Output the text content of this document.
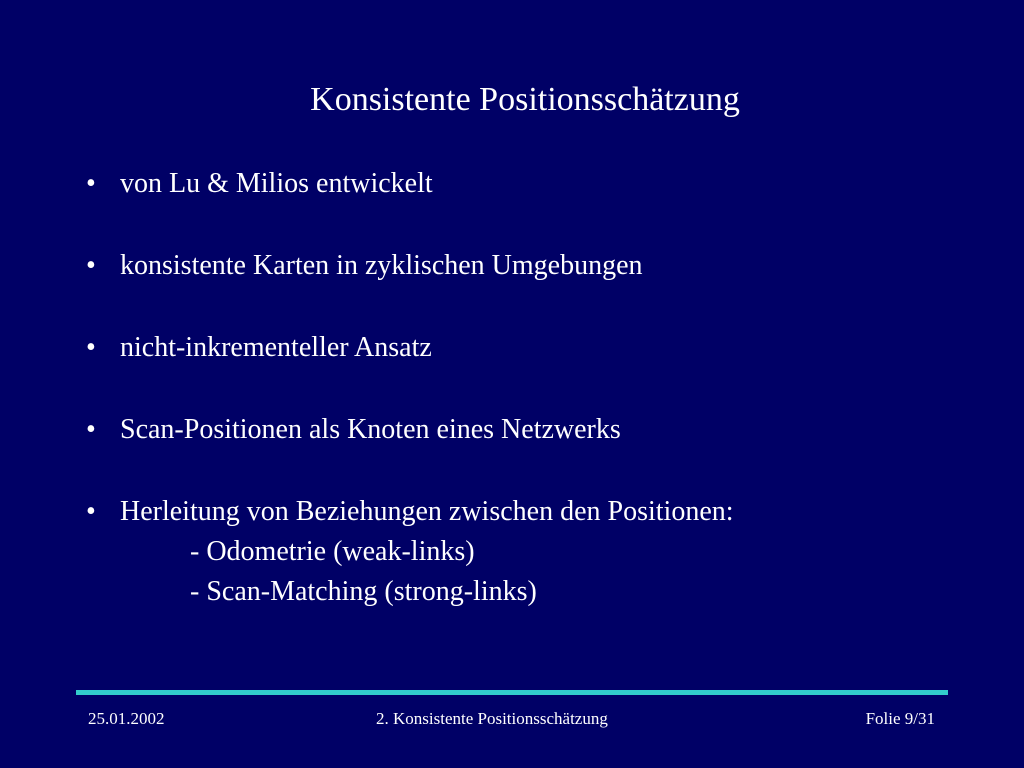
Konsistente Positionsschätzung
• von Lu & Milios entwickelt
• konsistente Karten in zyklischen Umgebungen
• nicht-inkrementeller Ansatz
• Scan-Positionen als Knoten eines Netzwerks
• Herleitung von Beziehungen zwischen den Positionen:
- Odometrie (weak-links)
- Scan-Matching (strong-links)
25.01.2002	2. Konsistente Positionsschätzung	Folie 9/31
